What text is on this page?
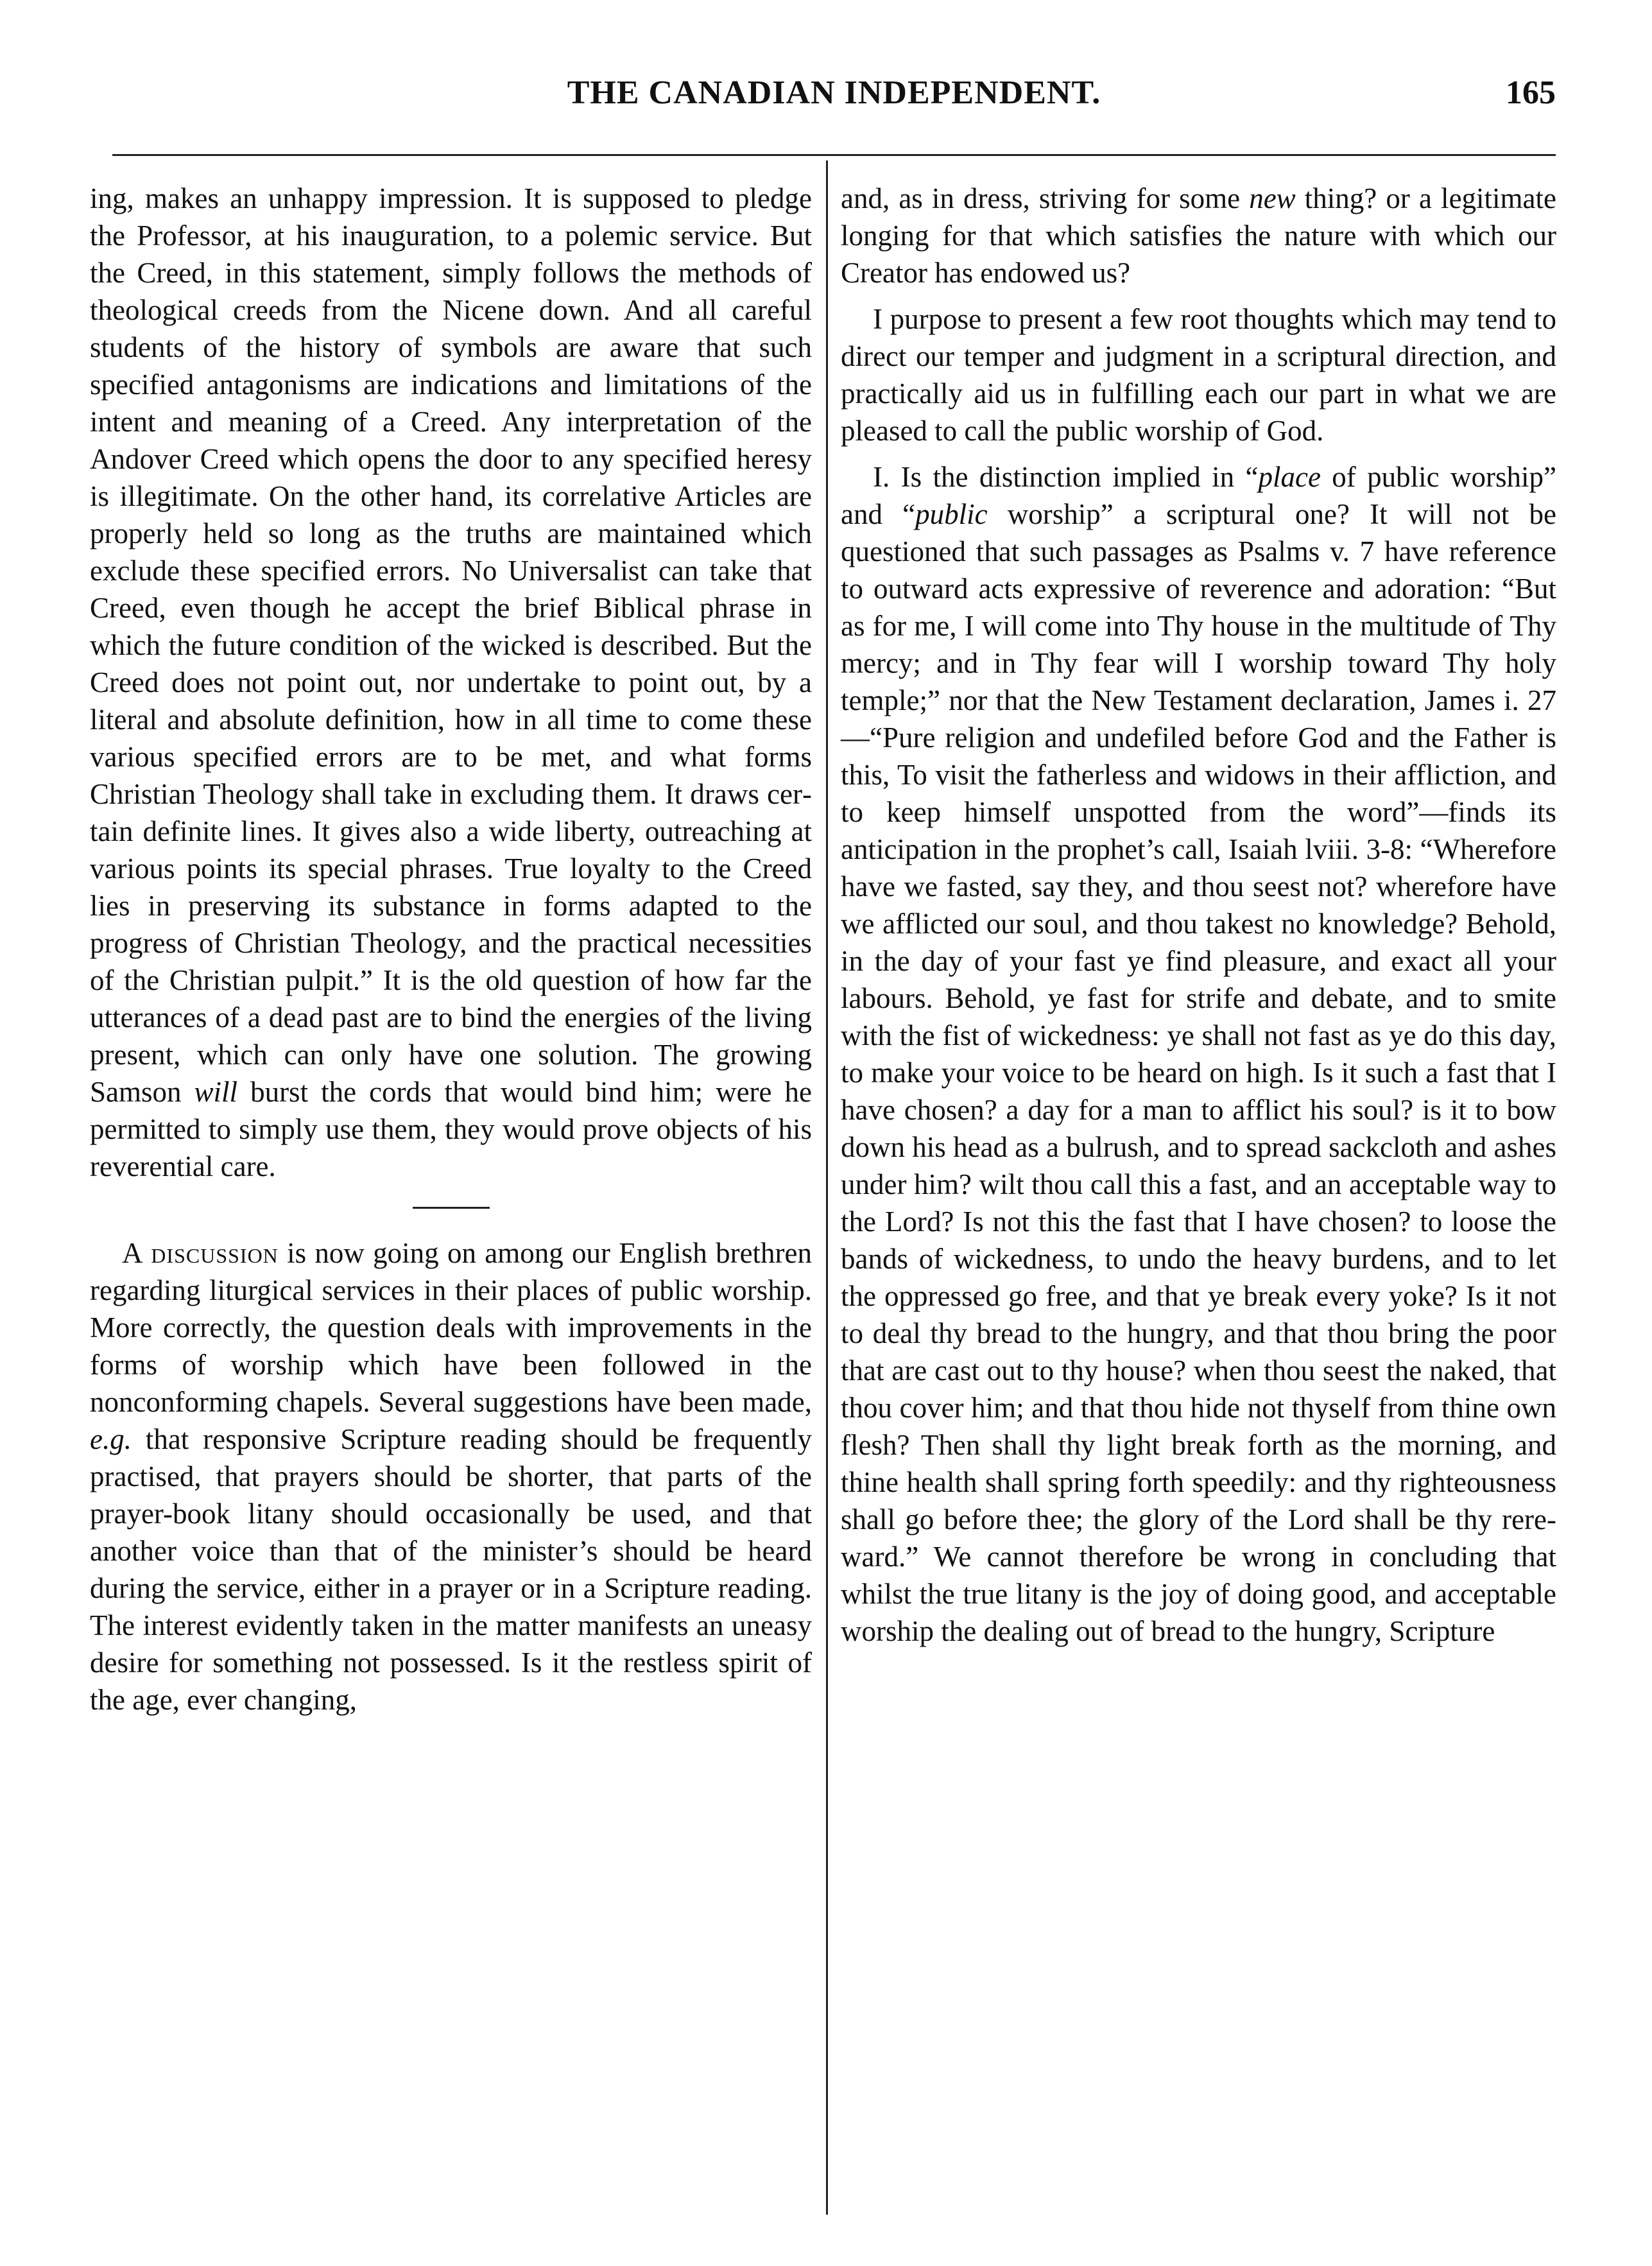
THE CANADIAN INDEPENDENT.	165

ing, makes an unhappy impression. It is supposed to pledge the Professor, at his inauguration, to a polemic service. But the Creed, in this statement, simply follows the methods of theological creeds from the Nicene down. And all careful students of the history of symbols are aware that such specified antagonisms are indications and limitations of the intent and meaning of a Creed. Any interpretation of the Andover Creed which opens the door to any specified heresy is illegitimate. On the other hand, its correlative Articles are properly held so long as the truths are maintained which exclude these specified errors. No Universalist can take that Creed, even though he accept the brief Biblical phrase in which the future condition of the wicked is described. But the Creed does not point out, nor undertake to point out, by a literal and absolute definition, how in all time to come these various specified errors are to be met, and what forms Christian Theology shall take in excluding them. It draws certain definite lines. It gives also a wide liberty, outreaching at various points its special phrases. True loyalty to the Creed lies in preserving its substance in forms adapted to the progress of Christian Theology, and the practical necessities of the Christian pulpit.” It is the old question of how far the utterances of a dead past are to bind the energies of the living present, which can only have one solution. The growing Samson will burst the cords that would bind him; were he permitted to simply use them, they would prove objects of his reverential care.

A discussion is now going on among our English brethren regarding liturgical services in their places of public worship. More correctly, the question deals with improvements in the forms of worship which have been followed in the nonconforming chapels. Several suggestions have been made, e.g. that responsive Scripture reading should be frequently practised, that prayers should be shorter, that parts of the prayer-book litany should occasionally be used, and that another voice than that of the minister’s should be heard during the service, either in a prayer or in a Scripture reading. The interest evidently taken in the matter manifests an uneasy desire for something not possessed. Is it the restless spirit of the age, ever changing,

and, as in dress, striving for some new thing? or a legitimate longing for that which satisfies the nature with which our Creator has endowed us?

I purpose to present a few root thoughts which may tend to direct our temper and judgment in a scriptural direction, and practically aid us in fulfilling each our part in what we are pleased to call the public worship of God.

I. Is the distinction implied in “place of public worship” and “public worship” a scriptural one? It will not be questioned that such passages as Psalms v. 7 have reference to outward acts expressive of reverence and adoration: “But as for me, I will come into Thy house in the multitude of Thy mercy; and in Thy fear will I worship toward Thy holy temple;” nor that the New Testament declaration, James i. 27—“Pure religion and undefiled before God and the Father is this, To visit the fatherless and widows in their affliction, and to keep himself unspotted from the word”—finds its anticipation in the prophet’s call, Isaiah lviii. 3-8: “Wherefore have we fasted, say they, and thou seest not? wherefore have we afflicted our soul, and thou takest no knowledge? Behold, in the day of your fast ye find pleasure, and exact all your labours. Behold, ye fast for strife and debate, and to smite with the fist of wickedness: ye shall not fast as ye do this day, to make your voice to be heard on high. Is it such a fast that I have chosen? a day for a man to afflict his soul? is it to bow down his head as a bulrush, and to spread sackcloth and ashes under him? wilt thou call this a fast, and an acceptable way to the Lord? Is not this the fast that I have chosen? to loose the bands of wickedness, to undo the heavy burdens, and to let the oppressed go free, and that ye break every yoke? Is it not to deal thy bread to the hungry, and that thou bring the poor that are cast out to thy house? when thou seest the naked, that thou cover him; and that thou hide not thyself from thine own flesh? Then shall thy light break forth as the morning, and thine health shall spring forth speedily: and thy righteousness shall go before thee; the glory of the Lord shall be thy rereward.” We cannot therefore be wrong in concluding that whilst the true litany is the joy of doing good, and acceptable worship the dealing out of bread to the hungry, Scripture
